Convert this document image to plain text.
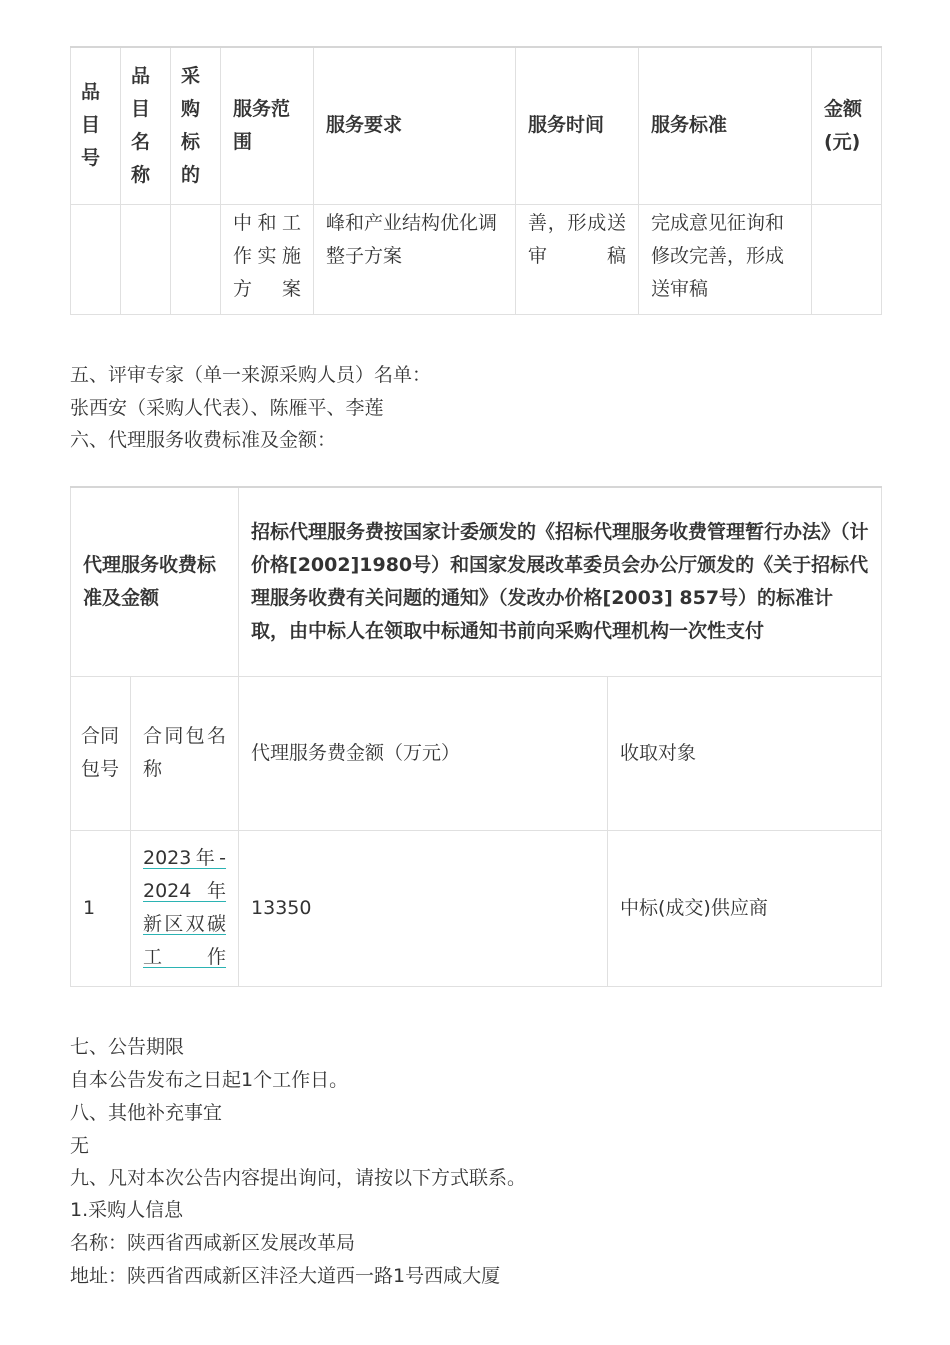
品目号	品目名称	采购标的	服务范围	服务要求	服务时间	服务标准	金额(元)
			中和工作实施方案	峰和产业结构优化调整子方案	善，形成送审稿	完成意见征询和修改完善，形成送审稿	
五、评审专家（单一来源采购人员）名单：
张西安（采购人代表）、陈雁平、李莲
六、代理服务收费标准及金额：
代理服务收费标准及金额		招标代理服务费按国家计委颁发的《招标代理服务收费管理暂行办法》（计价格[2002]1980号）和国家发展改革委员会办公厅颁发的《关于招标代理服务收费有关问题的通知》（发改办价格[2003] 857号）的标准计取，由中标人在领取中标通知书前向采购代理机构一次性支付	
合同包号	合同包名称	代理服务费金额（万元）	收取对象
1	2023年-2024年新区双碳工作	13350	中标(成交)供应商
七、公告期限
自本公告发布之日起1个工作日。
八、其他补充事宜
无
九、凡对本次公告内容提出询问，请按以下方式联系。
1.采购人信息
名称：陕西省西咸新区发展改革局
地址：陕西省西咸新区沣泾大道西一路1号西咸大厦
